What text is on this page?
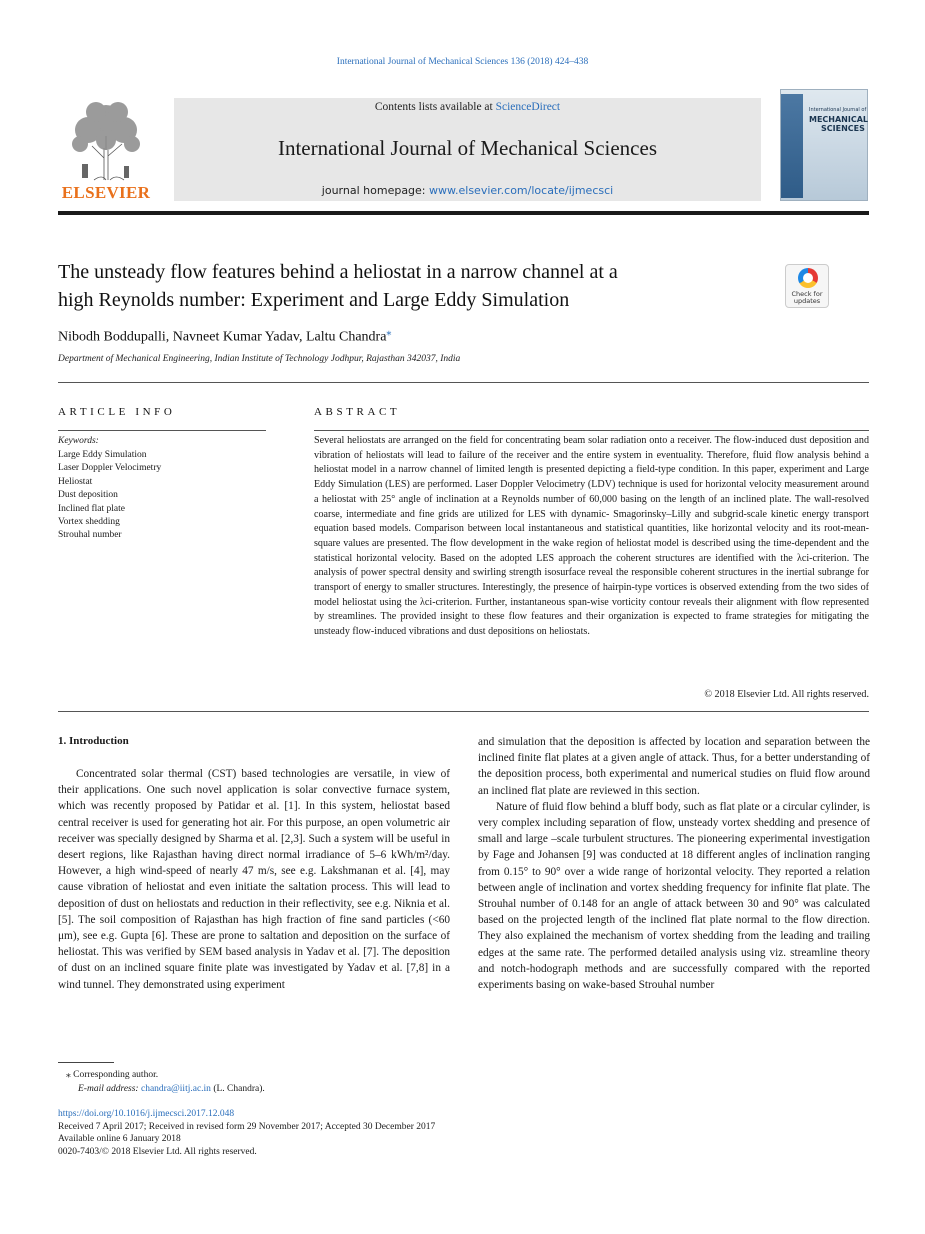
International Journal of Mechanical Sciences 136 (2018) 424–438
ELSEVIER
Contents lists available at ScienceDirect
International Journal of Mechanical Sciences
journal homepage: www.elsevier.com/locate/ijmecsci
International Journal of
MECHANICAL
SCIENCES
The unsteady flow features behind a heliostat in a narrow channel at a
high Reynolds number: Experiment and Large Eddy Simulation	Check for
updates
Nibodh Boddupalli, Navneet Kumar Yadav, Laltu Chandra⁎
Department of Mechanical Engineering, Indian Institute of Technology Jodhpur, Rajasthan 342037, India
ARTICLE INFO
Keywords:
Large Eddy Simulation
Laser Doppler Velocimetry
Heliostat
Dust deposition
Inclined flat plate
Vortex shedding
Strouhal number
ABSTRACT

Several heliostats are arranged on the field for concentrating beam solar radiation onto a receiver. The flow-induced dust deposition and vibration of heliostats will lead to failure of the receiver and the entire system in eventuality. Therefore, fluid flow analysis behind a heliostat model in a narrow channel of limited length is presented depicting a field-type condition. In this paper, experiment and Large Eddy Simulation (LES) are performed. Laser Doppler Velocimetry (LDV) technique is used for horizontal velocity measurement around a heliostat with 25° angle of inclination at a Reynolds number of 60,000 basing on the length of an inclined plate. The wall-resolved coarse, intermediate and fine grids are utilized for LES with dynamic- Smagorinsky–Lilly and subgrid-scale kinetic energy transport equation based models. Comparison between local instantaneous and statistical quantities, like horizontal velocity and its root-mean-square values are presented. The flow development in the wake region of heliostat model is described using the time-dependent and the statistical horizontal velocity. Based on the adopted LES approach the coherent structures are identified with the λci-criterion. The analysis of power spectral density and swirling strength isosurface reveal the responsible coherent structures in the inertial subrange for transport of energy to smaller structures. Interestingly, the presence of hairpin-type vortices is observed extending from the two sides of model heliostat using the λci-criterion. Further, instantaneous span-wise vorticity contour reveals their alignment with flow represented by streamlines. The provided insight to these flow features and their organization is expected to frame strategies for mitigating the unsteady flow-induced vibrations and dust depositions on heliostats.

© 2018 Elsevier Ltd. All rights reserved.
1. Introduction

Concentrated solar thermal (CST) based technologies are versatile, in view of their applications. One such novel application is solar convective furnace system, which was recently proposed by Patidar et al. [1]. In this system, heliostat based central receiver is used for generating hot air. For this purpose, an open volumetric air receiver was specially designed by Sharma et al. [2,3]. Such a system will be useful in desert regions, like Rajasthan having direct normal irradiance of 5–6 kWh/m²/day. However, a high wind-speed of nearly 47 m/s, see e.g. Lakshmanan et al. [4], may cause vibration of heliostat and even initiate the saltation process. This will lead to deposition of dust on heliostats and reduction in their reflectivity, see e.g. Niknia et al. [5]. The soil composition of Rajasthan has high fraction of fine sand particles (<60 μm), see e.g. Gupta [6]. These are prone to saltation and deposition on the surface of heliostat. This was verified by SEM based analysis in Yadav et al. [7]. The deposition of dust on an inclined square finite plate was investigated by Yadav et al. [7,8] in a wind tunnel. They demonstrated using experiment

and simulation that the deposition is affected by location and separation between the inclined finite flat plates at a given angle of attack. Thus, for a better understanding of the deposition process, both experimental and numerical studies on fluid flow around an inclined flat plate are reviewed in this section.

Nature of fluid flow behind a bluff body, such as flat plate or a circular cylinder, is very complex including separation of flow, unsteady vortex shedding and presence of small and large –scale turbulent structures. The pioneering experimental investigation by Fage and Johansen [9] was conducted at 18 different angles of inclination ranging from 0.15° to 90° over a wide range of horizontal velocity. They reported a relation between angle of inclination and vortex shedding frequency for infinite flat plate. The Strouhal number of 0.148 for an angle of attack between 30 and 90° was calculated based on the projected length of the inclined flat plate normal to the flow direction. They also explained the mechanism of vortex shedding from the leading and trailing edges at the same rate. The performed detailed analysis using viz. streamline theory and notch-hodograph methods and are successfully compared with the reported experiments basing on wake-based Strouhal number

⁎ Corresponding author.
E-mail address: chandra@iitj.ac.in (L. Chandra).
https://doi.org/10.1016/j.ijmecsci.2017.12.048
Received 7 April 2017; Received in revised form 29 November 2017; Accepted 30 December 2017
Available online 6 January 2018
0020-7403/© 2018 Elsevier Ltd. All rights reserved.
